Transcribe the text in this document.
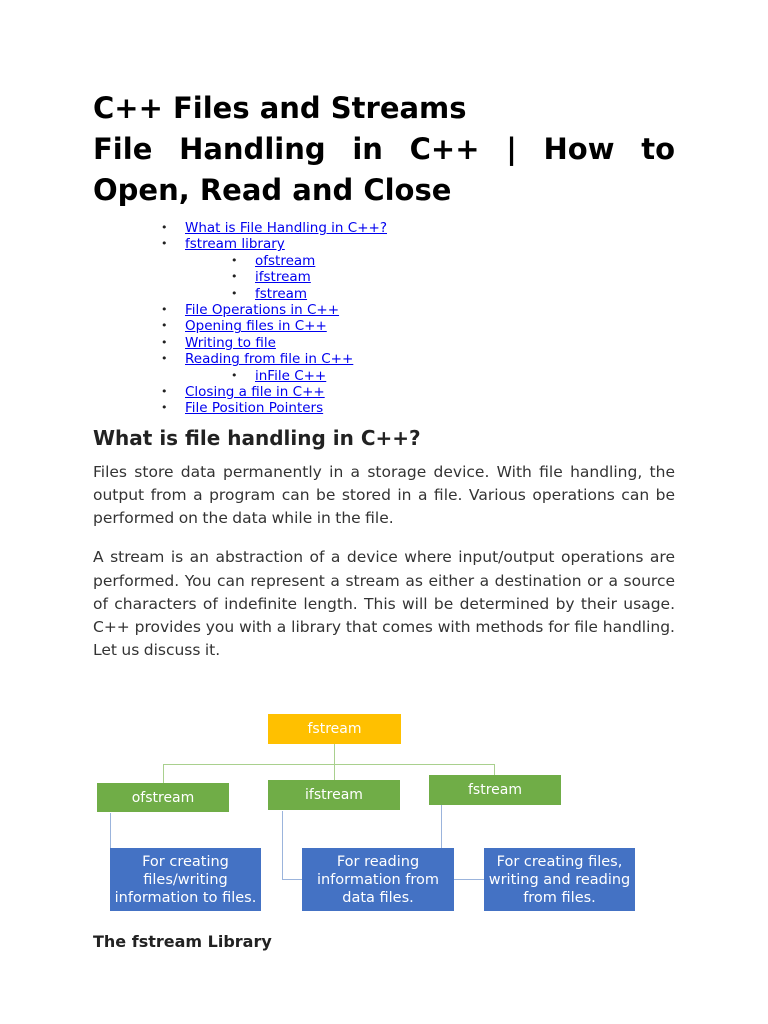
C++ Files and Streams
File Handling in C++ | How to Open, Read and Close
• What is File Handling in C++?
• fstream library
• ofstream
• ifstream
• fstream
• File Operations in C++
• Opening files in C++
• Writing to file
• Reading from file in C++
• inFile C++
• Closing a file in C++
• File Position Pointers
What is file handling in C++?

Files store data permanently in a storage device. With file handling, the output from a program can be stored in a file. Various operations can be performed on the data while in the file.

A stream is an abstraction of a device where input/output operations are performed. You can represent a stream as either a destination or a source of characters of indefinite length. This will be determined by their usage. C++ provides you with a library that comes with methods for file handling. Let us discuss it.

fstream
ofstream	ifstream	fstream
For creating files/writing information to files.
For reading information from data files.
For creating files, writing and reading from files.
The fstream Library
